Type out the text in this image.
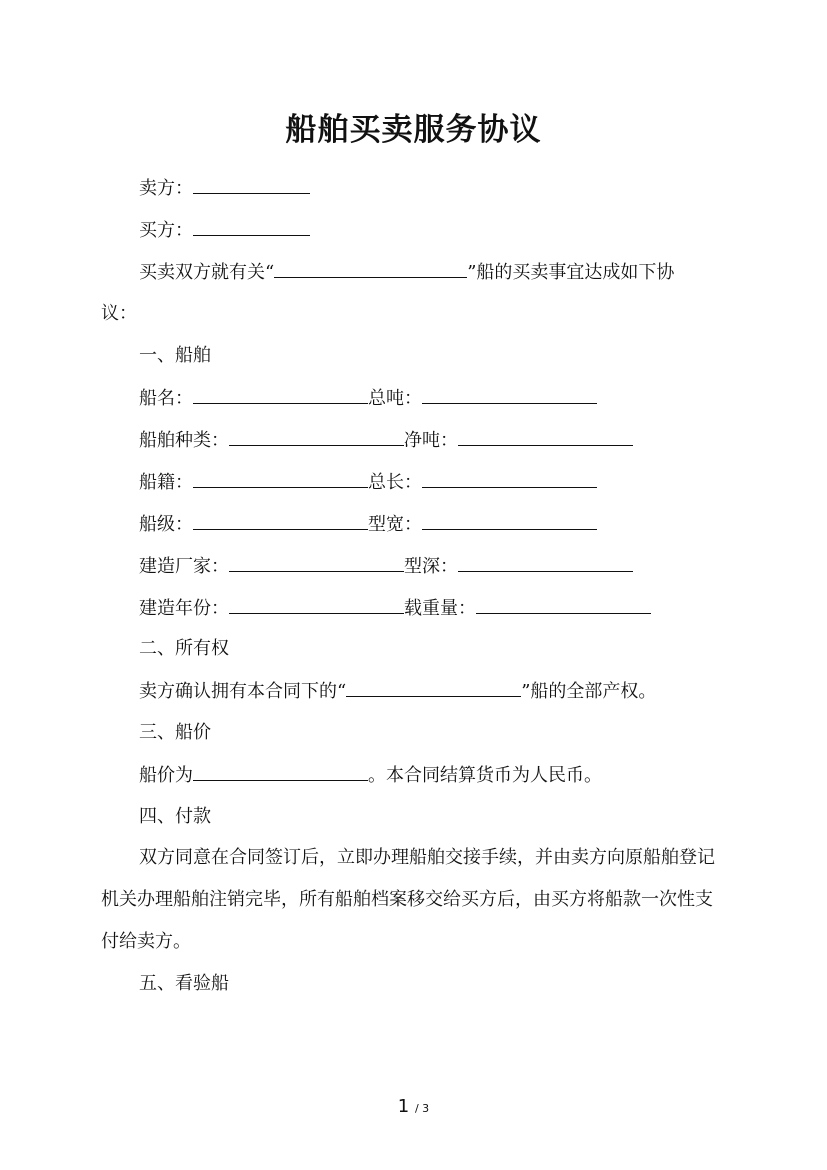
船舶买卖服务协议
卖方：
买方：
买卖双方就有关“	”船的买卖事宜达成如下协
议：
一、船舶
船名：	总吨：
船舶种类：	净吨：
船籍：	总长：
船级：	型宽：
建造厂家：	型深：
建造年份：	载重量：
二、所有权
卖方确认拥有本合同下的“	”船的全部产权。
三、船价
船价为	。本合同结算货币为人民币。
四、付款
双方同意在合同签订后，立即办理船舶交接手续，并由卖方向原船舶登记机关办理船舶注销完毕，所有船舶档案移交给买方后，由买方将船款一次性支付给卖方。
五、看验船
1 / 3
